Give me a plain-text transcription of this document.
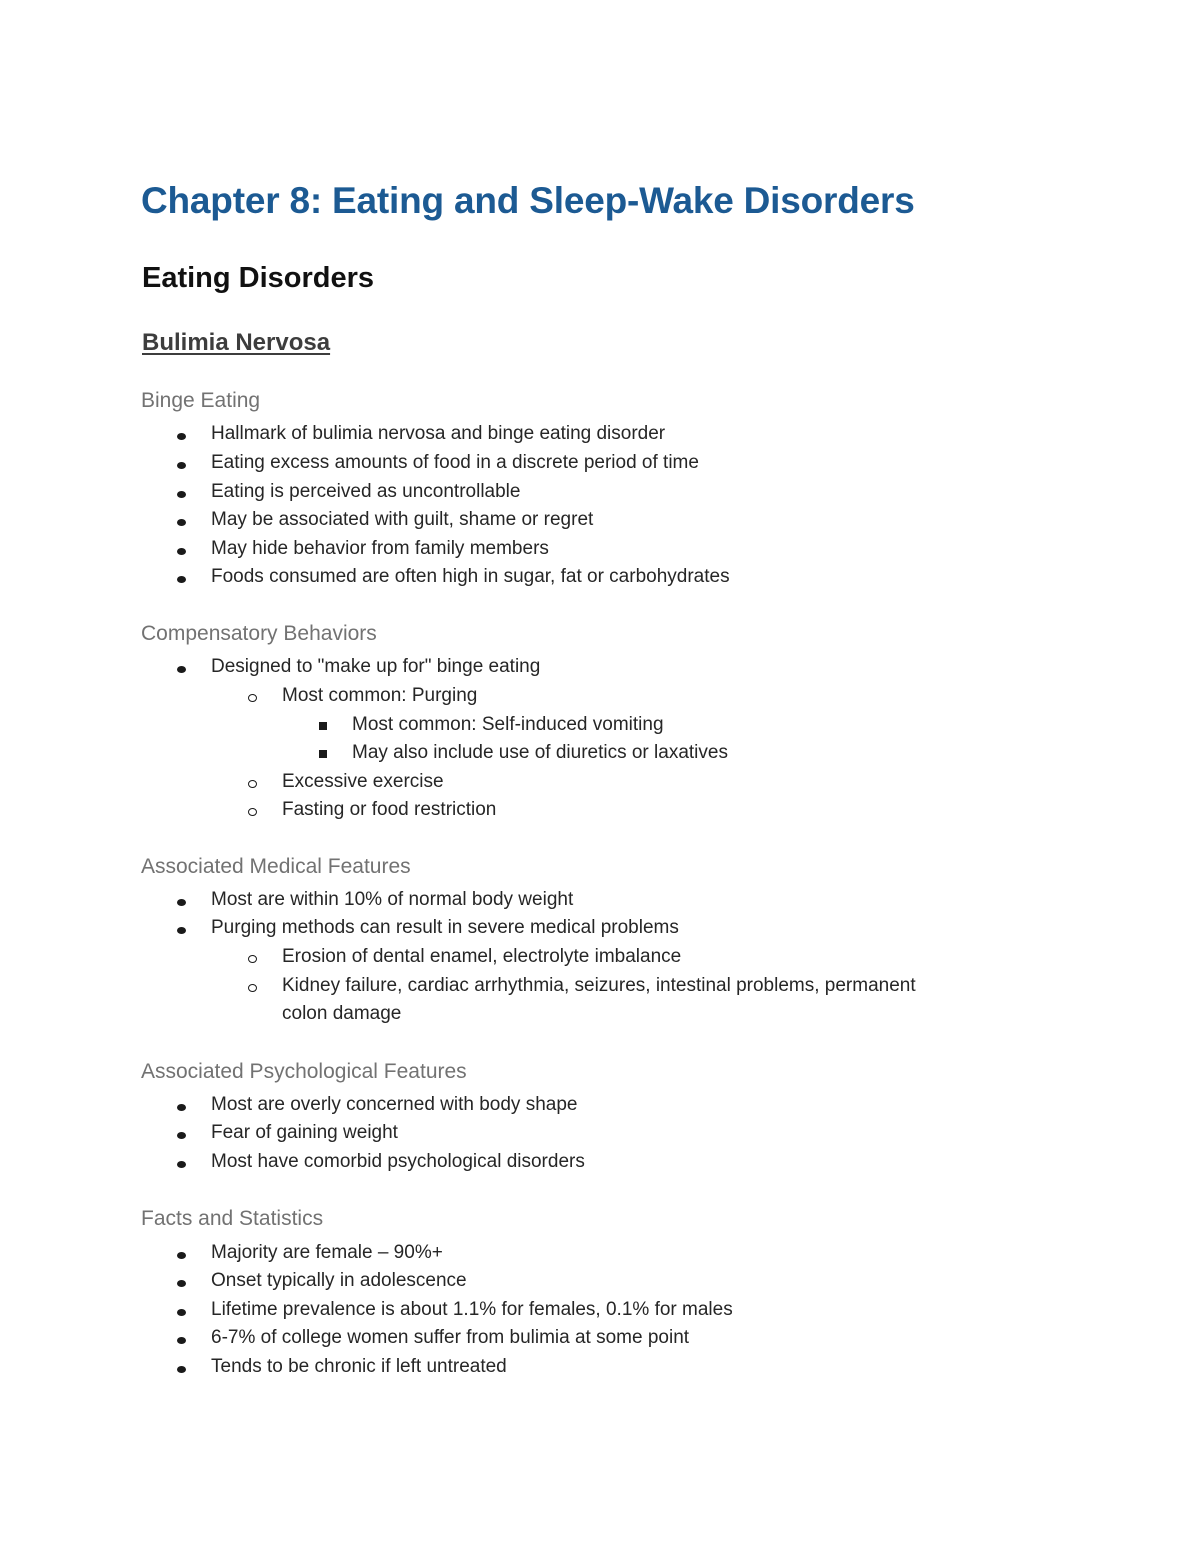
Chapter 8: Eating and Sleep-Wake Disorders
Eating Disorders
Bulimia Nervosa
Binge Eating
Hallmark of bulimia nervosa and binge eating disorder
Eating excess amounts of food in a discrete period of time
Eating is perceived as uncontrollable
May be associated with guilt, shame or regret
May hide behavior from family members
Foods consumed are often high in sugar, fat or carbohydrates
Compensatory Behaviors
Designed to "make up for" binge eating
Most common: Purging
Most common: Self-induced vomiting
May also include use of diuretics or laxatives
Excessive exercise
Fasting or food restriction
Associated Medical Features
Most are within 10% of normal body weight
Purging methods can result in severe medical problems
Erosion of dental enamel, electrolyte imbalance
Kidney failure, cardiac arrhythmia, seizures, intestinal problems, permanent
colon damage
Associated Psychological Features
Most are overly concerned with body shape
Fear of gaining weight
Most have comorbid psychological disorders
Facts and Statistics
Majority are female – 90%+
Onset typically in adolescence
Lifetime prevalence is about 1.1% for females, 0.1% for males
6-7% of college women suffer from bulimia at some point
Tends to be chronic if left untreated
